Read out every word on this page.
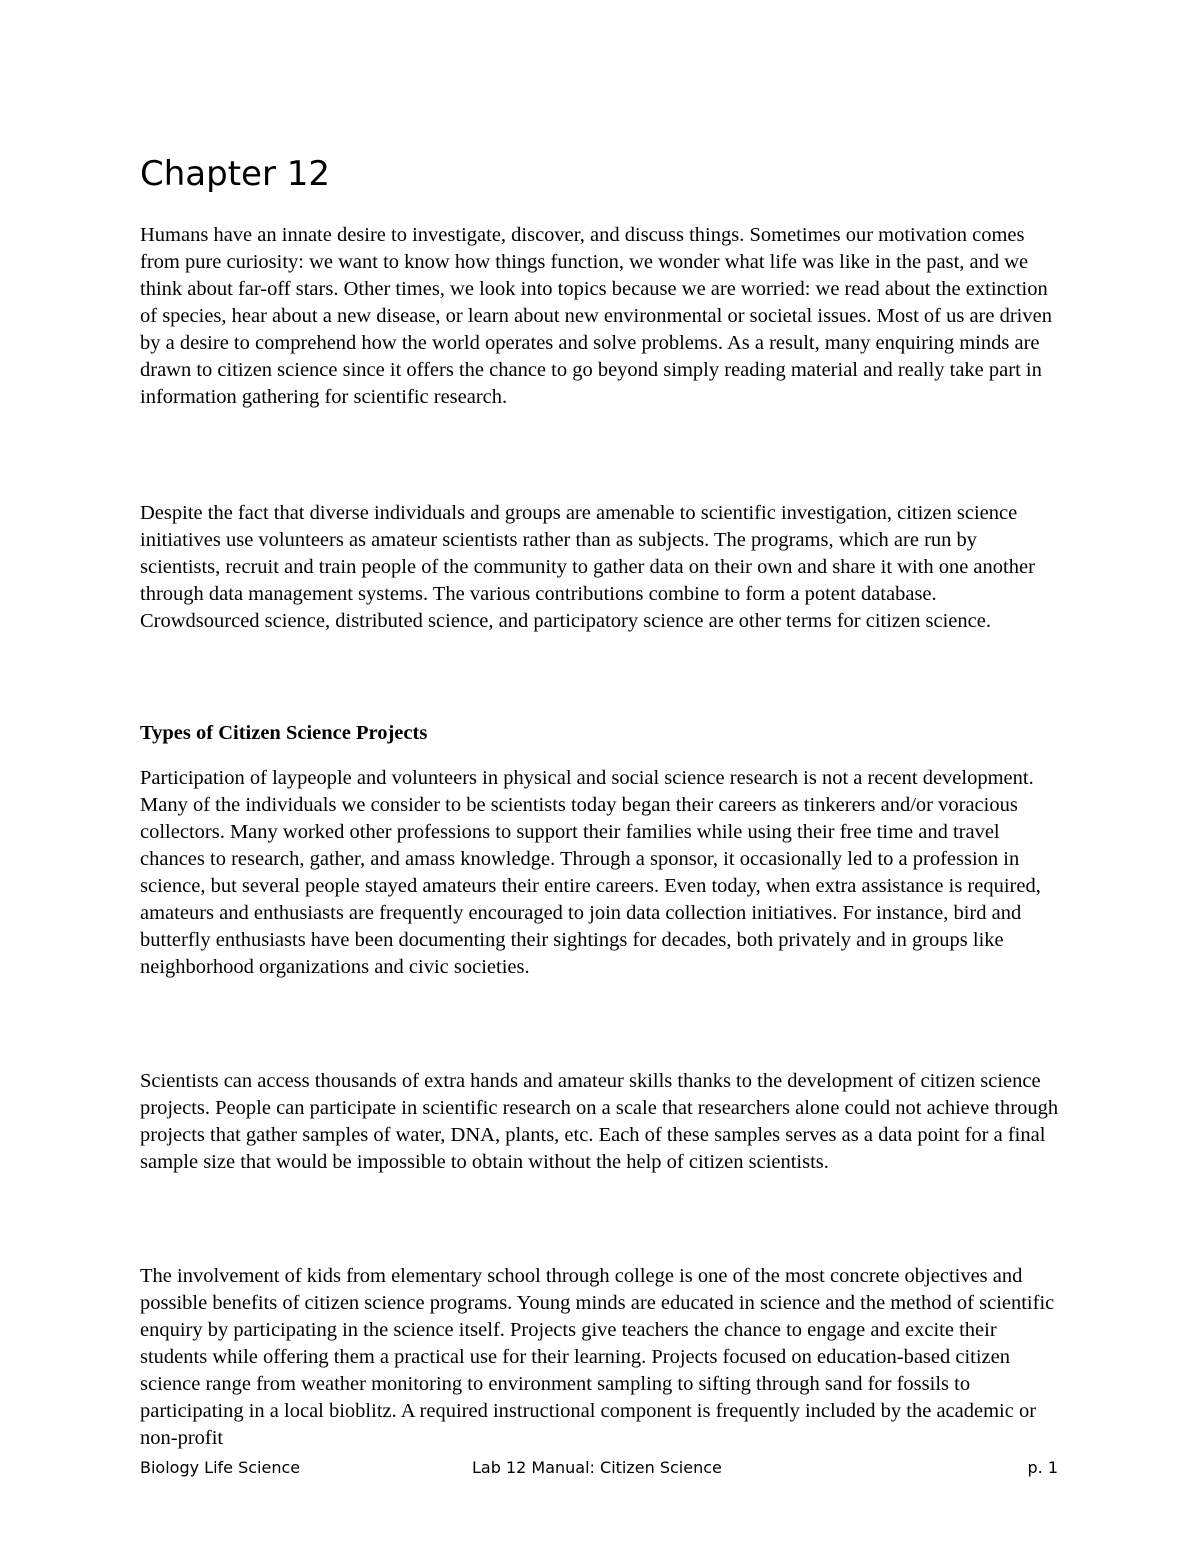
Chapter 12

Humans have an innate desire to investigate, discover, and discuss things. Sometimes our motivation comes from pure curiosity: we want to know how things function, we wonder what life was like in the past, and we think about far-off stars. Other times, we look into topics because we are worried: we read about the extinction of species, hear about a new disease, or learn about new environmental or societal issues. Most of us are driven by a desire to comprehend how the world operates and solve problems. As a result, many enquiring minds are drawn to citizen science since it offers the chance to go beyond simply reading material and really take part in information gathering for scientific research.

Despite the fact that diverse individuals and groups are amenable to scientific investigation, citizen science initiatives use volunteers as amateur scientists rather than as subjects. The programs, which are run by scientists, recruit and train people of the community to gather data on their own and share it with one another through data management systems. The various contributions combine to form a potent database. Crowdsourced science, distributed science, and participatory science are other terms for citizen science.

Types of Citizen Science Projects

Participation of laypeople and volunteers in physical and social science research is not a recent development. Many of the individuals we consider to be scientists today began their careers as tinkerers and/or voracious collectors. Many worked other professions to support their families while using their free time and travel chances to research, gather, and amass knowledge. Through a sponsor, it occasionally led to a profession in science, but several people stayed amateurs their entire careers. Even today, when extra assistance is required, amateurs and enthusiasts are frequently encouraged to join data collection initiatives. For instance, bird and butterfly enthusiasts have been documenting their sightings for decades, both privately and in groups like neighborhood organizations and civic societies.

Scientists can access thousands of extra hands and amateur skills thanks to the development of citizen science projects. People can participate in scientific research on a scale that researchers alone could not achieve through projects that gather samples of water, DNA, plants, etc. Each of these samples serves as a data point for a final sample size that would be impossible to obtain without the help of citizen scientists.

The involvement of kids from elementary school through college is one of the most concrete objectives and possible benefits of citizen science programs. Young minds are educated in science and the method of scientific enquiry by participating in the science itself. Projects give teachers the chance to engage and excite their students while offering them a practical use for their learning. Projects focused on education-based citizen science range from weather monitoring to environment sampling to sifting through sand for fossils to participating in a local bioblitz. A required instructional component is frequently included by the academic or non-profit

Biology Life Science	Lab 12 Manual: Citizen Science	p. 1
